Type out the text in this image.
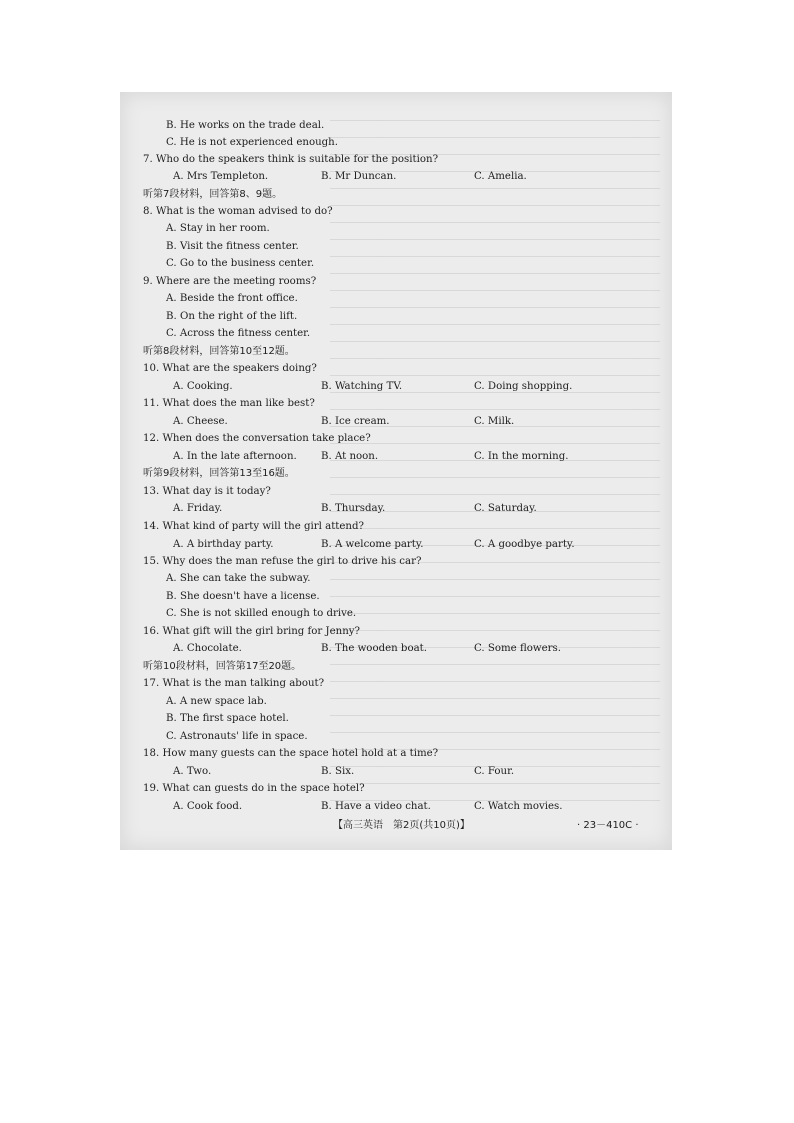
【高三英语　第2页(共10页)】	· 23－410C ·
B. He works on the trade deal.
C. He is not experienced enough.
7. Who do the speakers think is suitable for the position?
A. Mrs Templeton.	B. Mr Duncan.	C. Amelia.
听第7段材料，回答第8、9题。
8. What is the woman advised to do?
A. Stay in her room.
B. Visit the fitness center.
C. Go to the business center.
9. Where are the meeting rooms?
A. Beside the front office.
B. On the right of the lift.
C. Across the fitness center.
听第8段材料，回答第10至12题。
10. What are the speakers doing?
A. Cooking.	B. Watching TV.	C. Doing shopping.
11. What does the man like best?
A. Cheese.	B. Ice cream.	C. Milk.
12. When does the conversation take place?
A. In the late afternoon. B. At noon.	C. In the morning.
听第9段材料，回答第13至16题。
13. What day is it today?
A. Friday.	B. Thursday.	C. Saturday.
14. What kind of party will the girl attend?
A. A birthday party.	B. A welcome party.	C. A goodbye party.
15. Why does the man refuse the girl to drive his car?
A. She can take the subway.
B. She doesn't have a license.
C. She is not skilled enough to drive.
16. What gift will the girl bring for Jenny?
A. Chocolate.	B. The wooden boat.	C. Some flowers.
听第10段材料，回答第17至20题。
17. What is the man talking about?
A. A new space lab.
B. The first space hotel.
C. Astronauts' life in space.
18. How many guests can the space hotel hold at a time?
A. Two.	B. Six.	C. Four.
19. What can guests do in the space hotel?
A. Cook food.	B. Have a video chat.	C. Watch movies.
